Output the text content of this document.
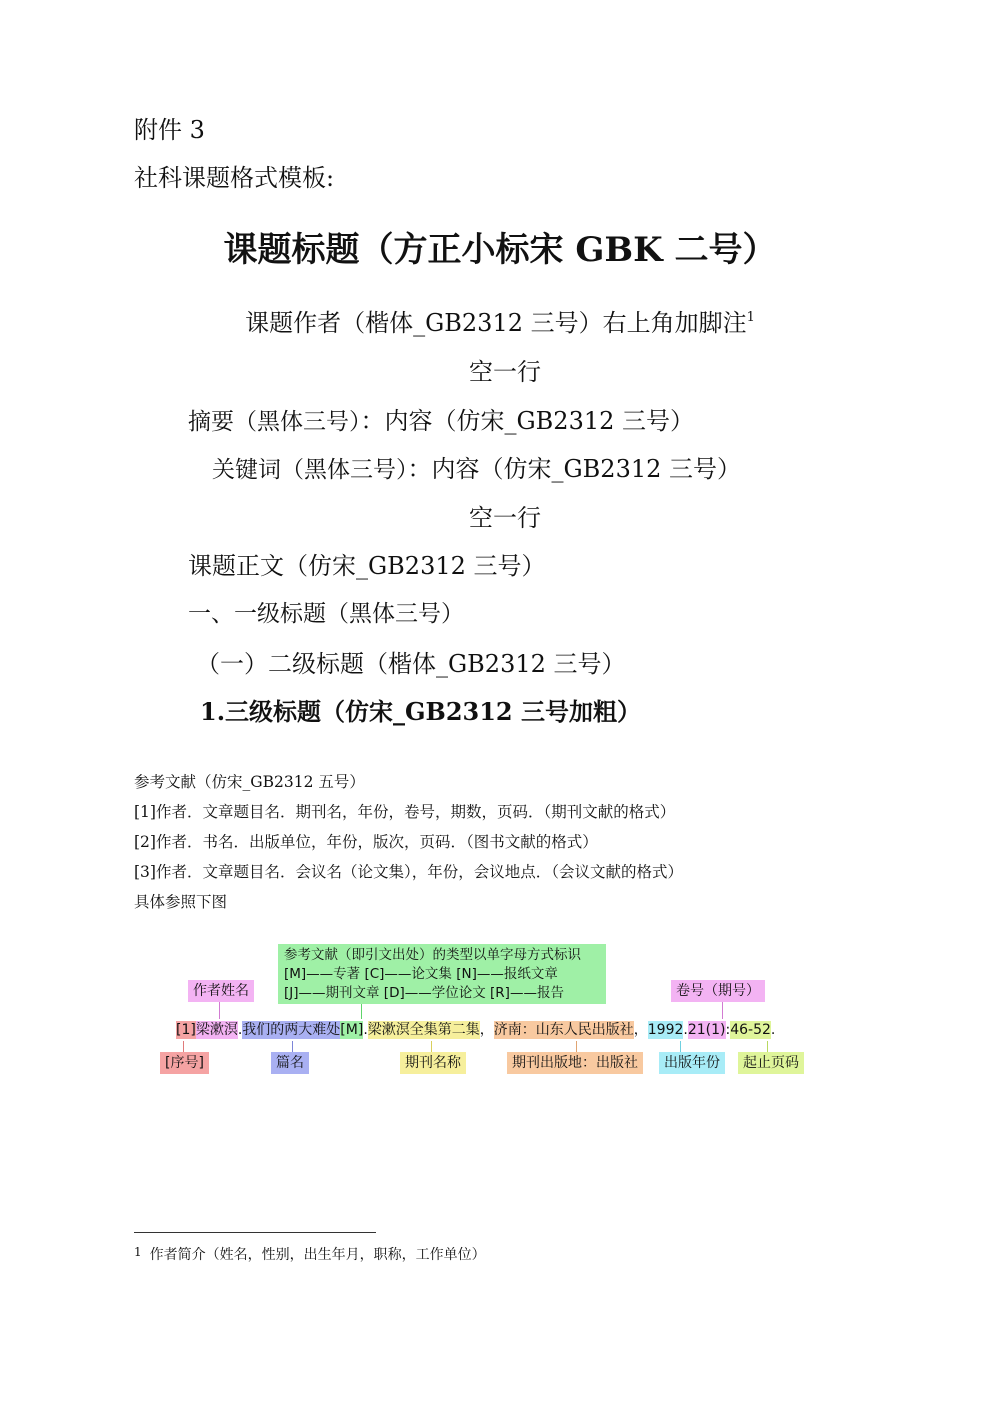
附件 3
社科课题格式模板:
课题标题（方正小标宋 GBK 二号）
课题作者（楷体_GB2312 三号）右上角加脚注$^1$
空一行
摘要（黑体三号）：内容（仿宋_GB2312 三号）
关键词（黑体三号）：内容（仿宋_GB2312 三号）
空一行
课题正文（仿宋_GB2312 三号）
一、一级标题（黑体三号）
（一）二级标题（楷体_GB2312 三号）
1.三级标题（仿宋_GB2312 三号加粗）
参考文献（仿宋_GB2312 五号）
[1]作者．文章题目名．期刊名，年份，卷号，期数，页码．（期刊文献的格式）
[2]作者．书名．出版单位，年份，版次，页码．（图书文献的格式）
[3]作者．文章题目名．会议名（论文集），年份，会议地点．（会议文献的格式）
具体参照下图
参考文献（即引文出处）的类型以单字母方式标识
[M]——专著 [C]——论文集 [N]——报纸文章
[J]——期刊文章 [D]——学位论文 [R]——报告
作者姓名	卷号（期号）
[1]梁漱溟.我们的两大难处[M].梁漱溟全集第二集，济南：山东人民出版社，1992.21(1):46-52.
[序号]	篇名	期刊名称	期刊出版地：出版社	出版年份	起止页码
1 作者简介（姓名，性别，出生年月，职称，工作单位）
